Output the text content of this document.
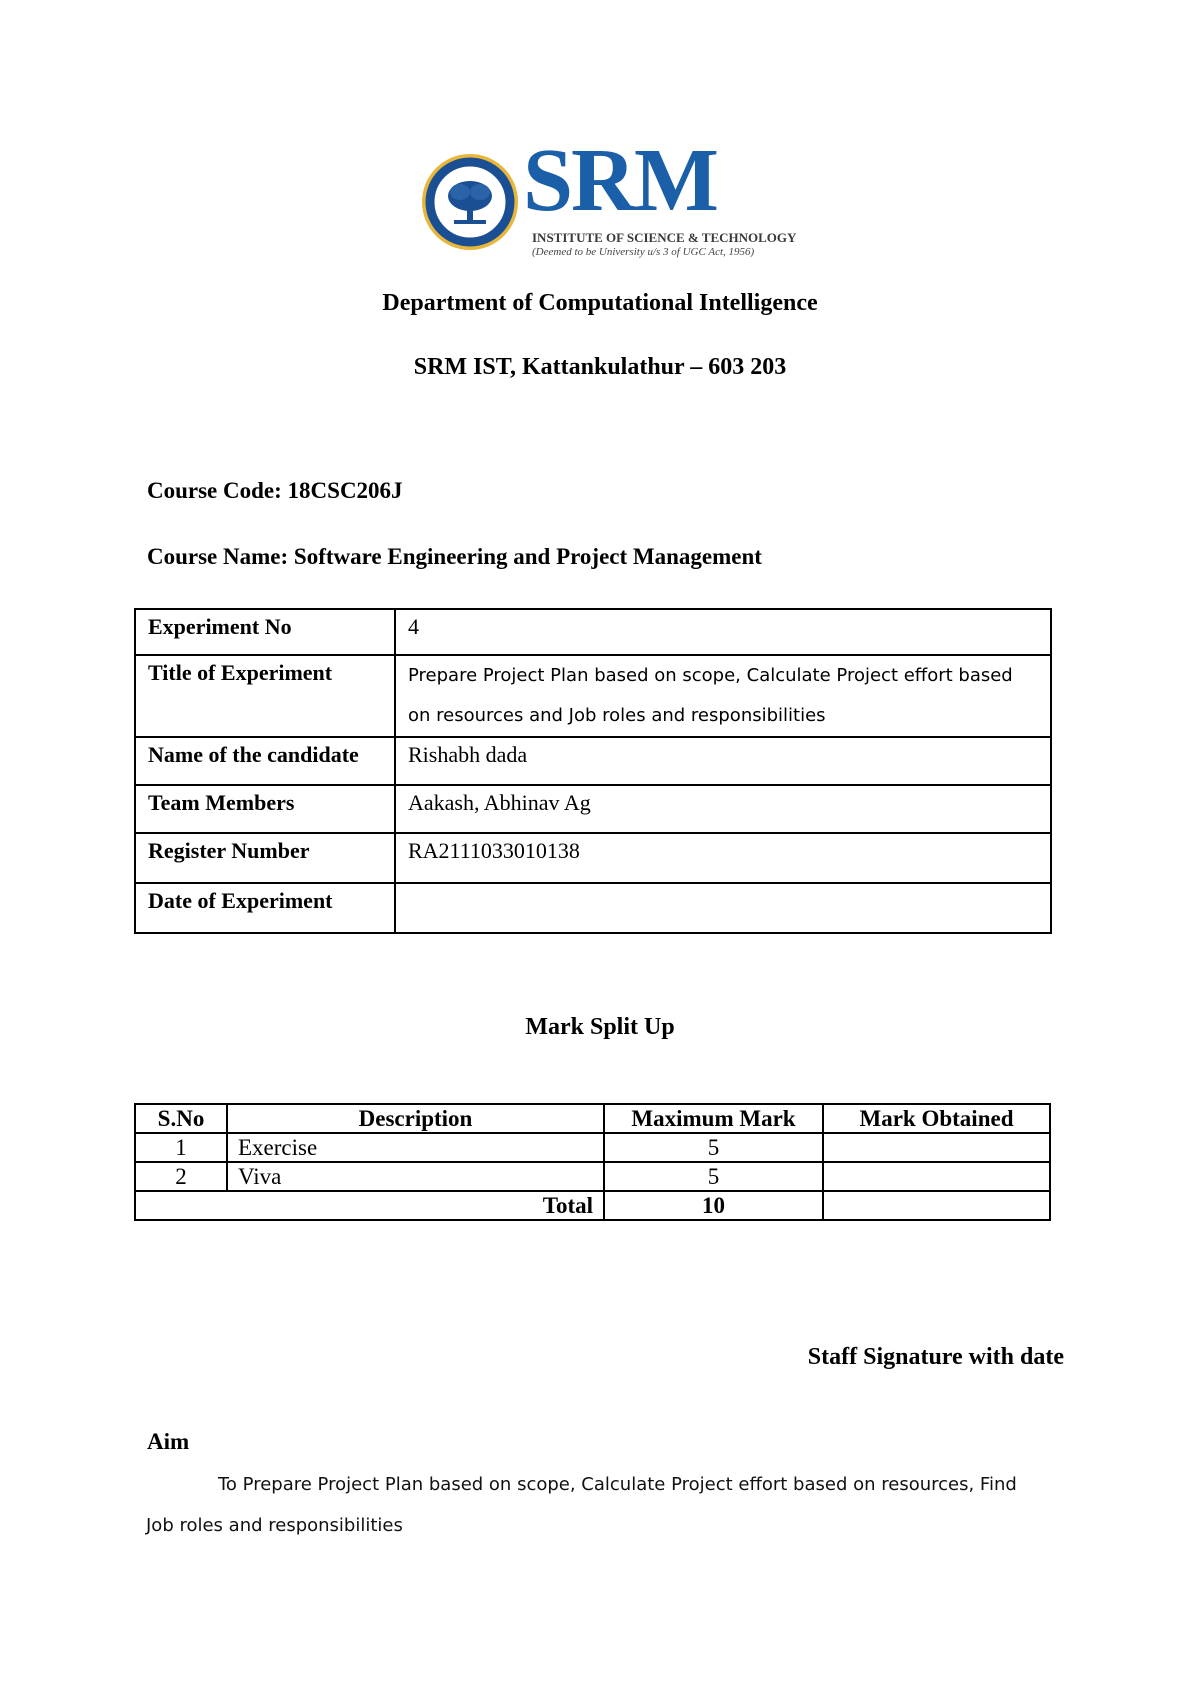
SRM
INSTITUTE OF SCIENCE & TECHNOLOGY
(Deemed to be University u/s 3 of UGC Act, 1956)
Department of Computational Intelligence
SRM IST, Kattankulathur – 603 203
Course Code: 18CSC206J
Course Name: Software Engineering and Project Management
Experiment No	4
Title of Experiment	Prepare Project Plan based on scope, Calculate Project effort based on resources and Job roles and responsibilities
Name of the candidate	Rishabh dada
Team Members	Aakash, Abhinav Ag
Register Number	RA2111033010138
Date of Experiment	
Mark Split Up
S.No	Description	Maximum Mark	Mark Obtained
1	Exercise	5	
2	Viva	5	
Total		10	
Staff Signature with date
Aim
To Prepare Project Plan based on scope, Calculate Project effort based on resources, Find
Job roles and responsibilities
